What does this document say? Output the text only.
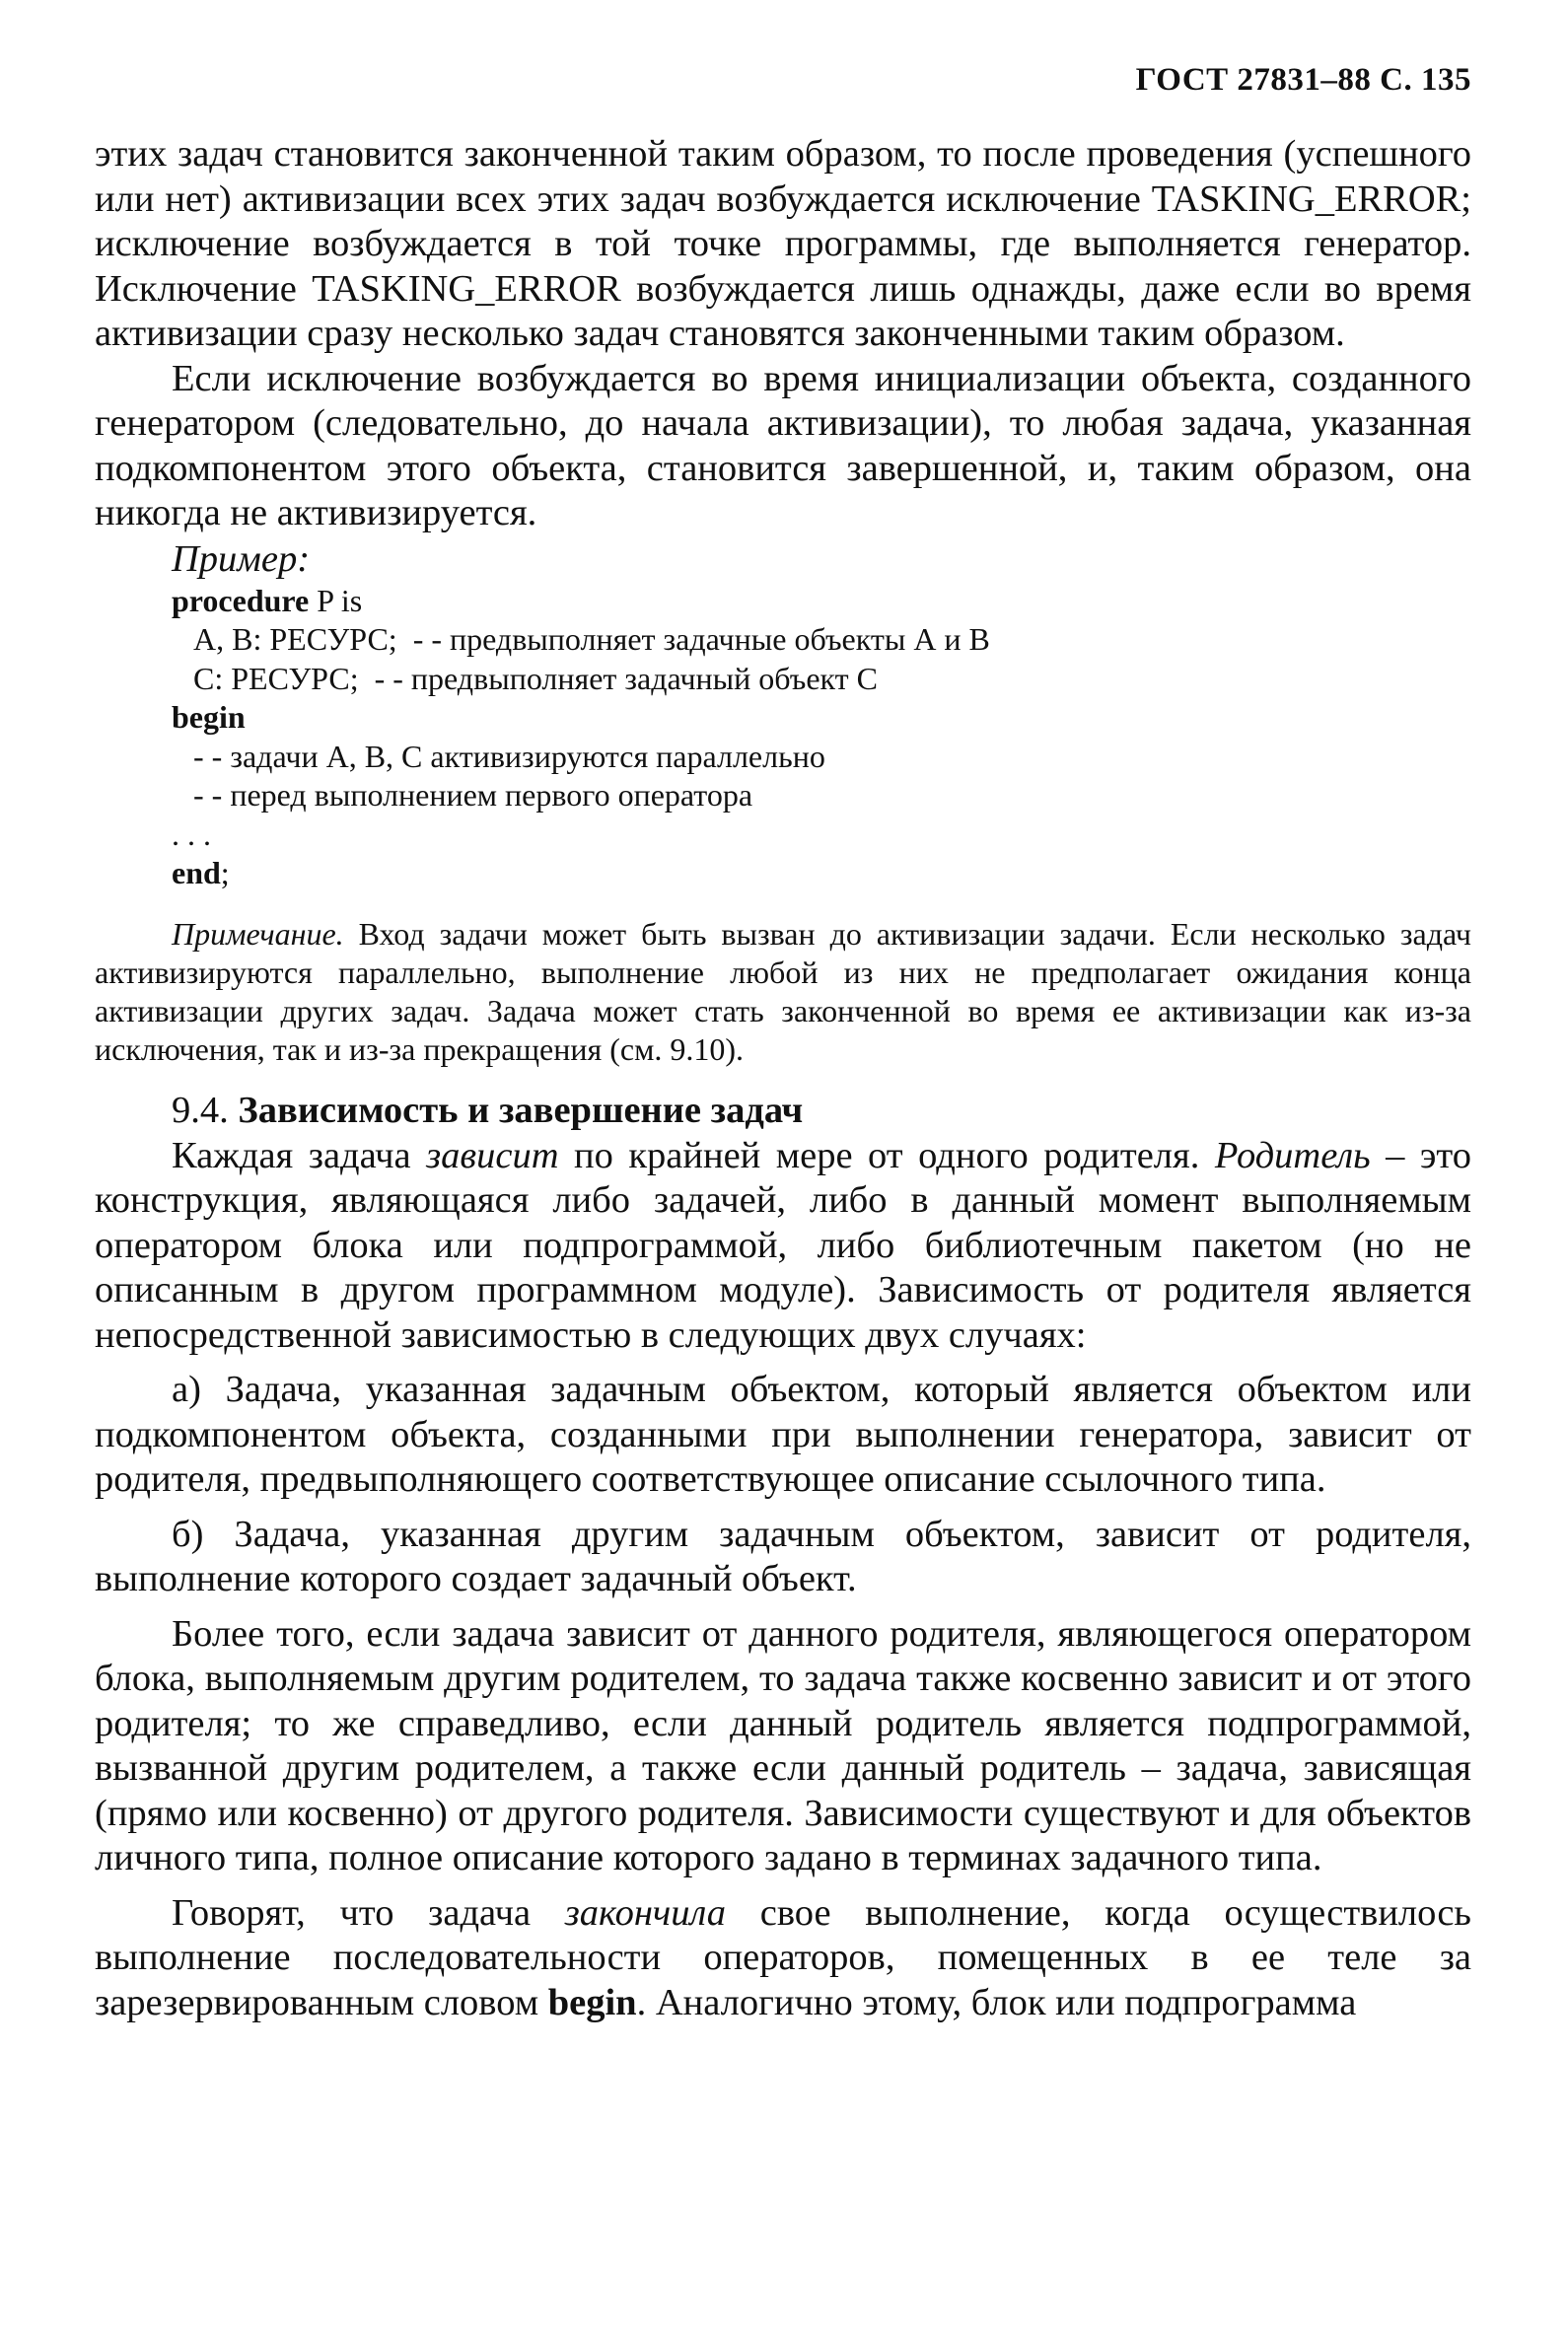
ГОСТ 27831–88 С. 135

этих задач становится законченной таким образом, то после проведения (успешного или нет) активизации всех этих задач возбуждается исключение TASKING_ERROR; исключение возбуждается в той точке программы, где выполняется генератор. Исключение TASKING_ERROR возбуждается лишь однажды, даже если во время активизации сразу несколько задач становятся законченными таким образом.

Если исключение возбуждается во время инициализации объекта, созданного генератором (следовательно, до начала активизации), то любая задача, указанная подкомпонентом этого объекта, становится завершенной, и, таким образом, она никогда не активизируется.

Пример:

procedure P is
А, В: РЕСУРС;  - - предвыполняет задачные объекты А и В
С: РЕСУРС;  - - предвыполняет задачный объект С
begin
- - задачи А, В, С активизируются параллельно
- - перед выполнением первого оператора
. . .
end;

Примечание. Вход задачи может быть вызван до активизации задачи. Если несколько задач активизируются параллельно, выполнение любой из них не предполагает ожидания конца активизации других задач. Задача может стать законченной во время ее активизации как из-за исключения, так и из-за прекращения (см. 9.10).

9.4. Зависимость и завершение задач

Каждая задача зависит по крайней мере от одного родителя. Родитель – это конструкция, являющаяся либо задачей, либо в данный момент выполняемым оператором блока или подпрограммой, либо библиотечным пакетом (но не описанным в другом программном модуле). Зависимость от родителя является непосредственной зависимостью в следующих двух случаях:

а) Задача, указанная задачным объектом, который является объектом или подкомпонентом объекта, созданными при выполнении генератора, зависит от родителя, предвыполняющего соответствующее описание ссылочного типа.

б) Задача, указанная другим задачным объектом, зависит от родителя, выполнение которого создает задачный объект.

Более того, если задача зависит от данного родителя, являющегося оператором блока, выполняемым другим родителем, то задача также косвенно зависит и от этого родителя; то же справедливо, если данный родитель является подпрограммой, вызванной другим родителем, а также если данный родитель – задача, зависящая (прямо или косвенно) от другого родителя. Зависимости существуют и для объектов личного типа, полное описание которого задано в терминах задачного типа.

Говорят, что задача закончила свое выполнение, когда осуществилось выполнение последовательности операторов, помещенных в ее теле за зарезервированным словом begin. Аналогично этому, блок или подпрограмма
